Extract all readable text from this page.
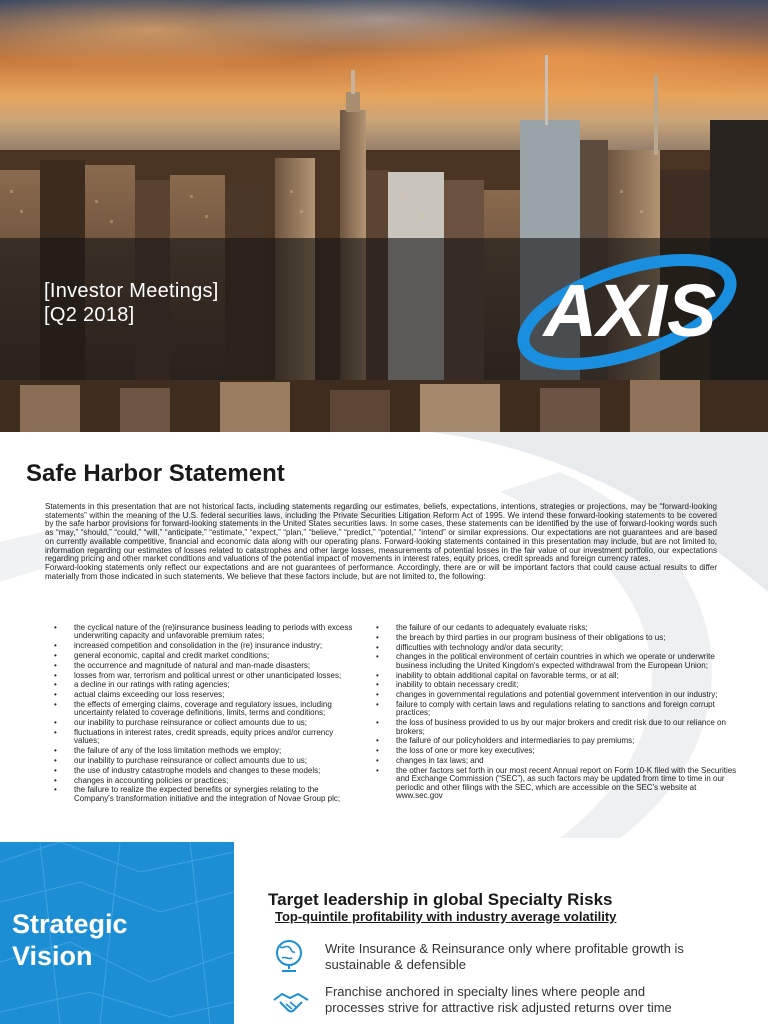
[Investor Meetings]
[Q2 2018]	AXIS
Safe Harbor Statement

Statements in this presentation that are not historical facts, including statements regarding our estimates, beliefs, expectations, intentions, strategies or projections, may be “forward-looking statements” within the meaning of the U.S. federal securities laws, including the Private Securities Litigation Reform Act of 1995. We intend these forward-looking statements to be covered by the safe harbor provisions for forward-looking statements in the United States securities laws. In some cases, these statements can be identified by the use of forward-looking words such as “may,” “should,” “could,” “will,” “anticipate,” “estimate,” “expect,” “plan,” “believe,” “predict,” “potential,” “intend” or similar expressions. Our expectations are not guarantees and are based on currently available competitive, financial and economic data along with our operating plans. Forward-looking statements contained in this presentation may include, but are not limited to, information regarding our estimates of losses related to catastrophes and other large losses, measurements of potential losses in the fair value of our investment portfolio, our expectations regarding pricing and other market conditions and valuations of the potential impact of movements in interest rates, equity prices, credit spreads and foreign currency rates.

Forward-looking statements only reflect our expectations and are not guarantees of performance. Accordingly, there are or will be important factors that could cause actual results to differ materially from those indicated in such statements. We believe that these factors include, but are not limited to, the following:

• the cyclical nature of the (re)insurance business leading to periods with excess underwriting capacity and unfavorable premium rates;
• increased competition and consolidation in the (re) insurance industry;
• general economic, capital and credit market conditions;
• the occurrence and magnitude of natural and man-made disasters;
• losses from war, terrorism and political unrest or other unanticipated losses;
• a decline in our ratings with rating agencies;
• actual claims exceeding our loss reserves;
• the effects of emerging claims, coverage and regulatory issues, including uncertainty related to coverage definitions, limits, terms and conditions;
• our inability to purchase reinsurance or collect amounts due to us;
• fluctuations in interest rates, credit spreads, equity prices and/or currency values;
• the failure of any of the loss limitation methods we employ;
• our inability to purchase reinsurance or collect amounts due to us;
• the use of industry catastrophe models and changes to these models;
• changes in accounting policies or practices;
• the failure to realize the expected benefits or synergies relating to the Company's transformation initiative and the integration of Novae Group plc;
• the failure of our cedants to adequately evaluate risks;
• the breach by third parties in our program business of their obligations to us;
• difficulties with technology and/or data security;
• changes in the political environment of certain countries in which we operate or underwrite business including the United Kingdom's expected withdrawal from the European Union;
• inability to obtain additional capital on favorable terms, or at all;
• inability to obtain necessary credit;
• changes in governmental regulations and potential government intervention in our industry;
• failure to comply with certain laws and regulations relating to sanctions and foreign corrupt practices;
• the loss of business provided to us by our major brokers and credit risk due to our reliance on brokers;
• the failure of our policyholders and intermediaries to pay premiums;
• the loss of one or more key executives;
• changes in tax laws; and
• the other factors set forth in our most recent Annual report on Form 10-K filed with the Securities and Exchange Commission (“SEC”), as such factors may be updated from time to time in our periodic and other filings with the SEC, which are accessible on the SEC's website at www.sec.gov
Strategic
Vision
Target leadership in global Specialty Risks
Top-quintile profitability with industry average volatility
Write Insurance & Reinsurance only where profitable growth is sustainable & defensible
Franchise anchored in specialty lines where people and processes strive for attractive risk adjusted returns over time
